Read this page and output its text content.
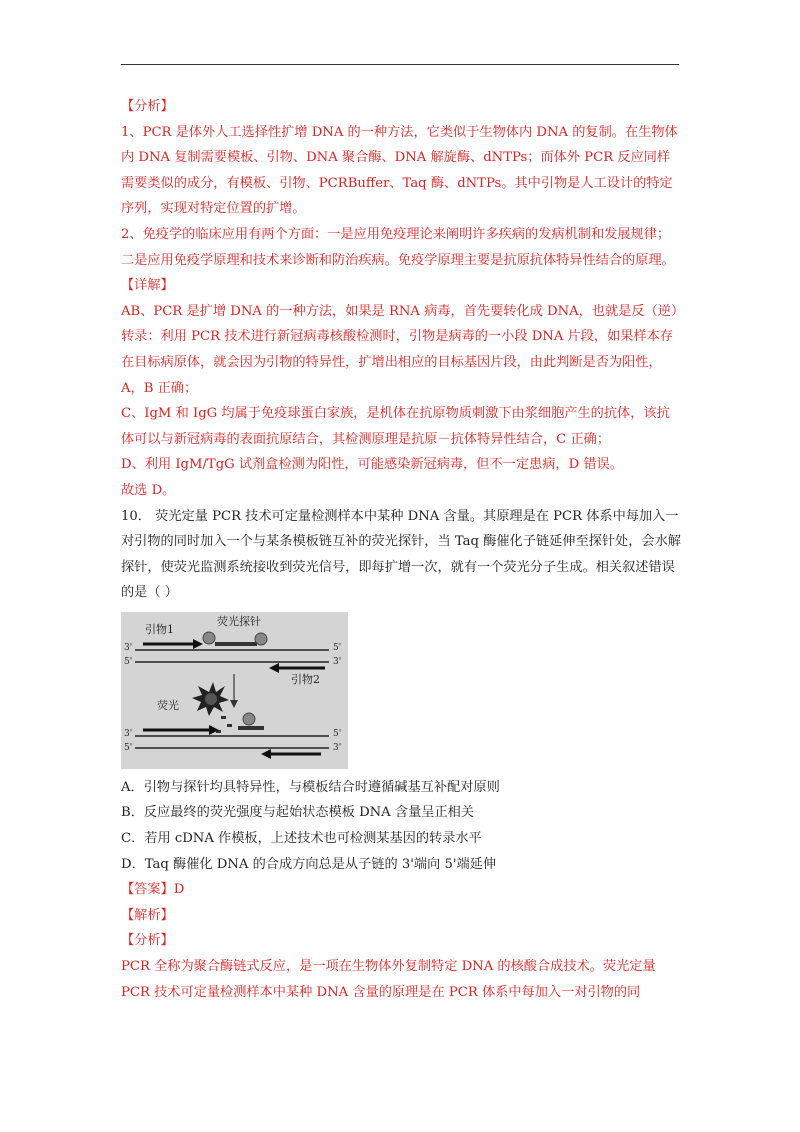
【分析】

1、PCR 是体外人工选择性扩增 DNA 的一种方法，它类似于生物体内 DNA 的复制。在生物体内 DNA 复制需要模板、引物、DNA 聚合酶、DNA 解旋酶、dNTPs；而体外 PCR 反应同样需要类似的成分，有模板、引物、PCRBuffer、Taq 酶、dNTPs。其中引物是人工设计的特定序列，实现对特定位置的扩增。

2、免疫学的临床应用有两个方面：一是应用免疫理论来阐明许多疾病的发病机制和发展规律；二是应用免疫学原理和技术来诊断和防治疾病。免疫学原理主要是抗原抗体特异性结合的原理。

【详解】

AB、PCR 是扩增 DNA 的一种方法，如果是 RNA 病毒，首先要转化成 DNA，也就是反（逆）转录：利用 PCR 技术进行新冠病毒核酸检测时，引物是病毒的一小段 DNA 片段，如果样本存在目标病原体，就会因为引物的特异性，扩增出相应的目标基因片段，由此判断是否为阳性，A，B 正确；

C、IgM 和 IgG 均属于免疫球蛋白家族，是机体在抗原物质刺激下由浆细胞产生的抗体，该抗体可以与新冠病毒的表面抗原结合，其检测原理是抗原－抗体特异性结合，C 正确；

D、利用 IgM/TgG 试剂盒检测为阳性，可能感染新冠病毒，但不一定患病，D 错误。

故选 D。

10． 荧光定量 PCR 技术可定量检测样本中某种 DNA 含量。其原理是在 PCR 体系中每加入一对引物的同时加入一个与某条模板链互补的荧光探针，当 Taq 酶催化子链延伸至探针处，会水解探针，使荧光监测系统接收到荧光信号，即每扩增一次，就有一个荧光分子生成。相关叙述错误的是（ ）

引物1
荧光探针
引物2
荧光
3'	5'
5'	3'
3'	5'
5'	3'

A．引物与探针均具特异性，与模板结合时遵循碱基互补配对原则

B．反应最终的荧光强度与起始状态模板 DNA 含量呈正相关

C．若用 cDNA 作模板，上述技术也可检测某基因的转录水平

D．Taq 酶催化 DNA 的合成方向总是从子链的 3'端向 5'端延伸

【答案】D

【解析】

【分析】

PCR 全称为聚合酶链式反应，是一项在生物体外复制特定 DNA 的核酸合成技术。荧光定量 PCR 技术可定量检测样本中某种 DNA 含量的原理是在 PCR 体系中每加入一对引物的同
